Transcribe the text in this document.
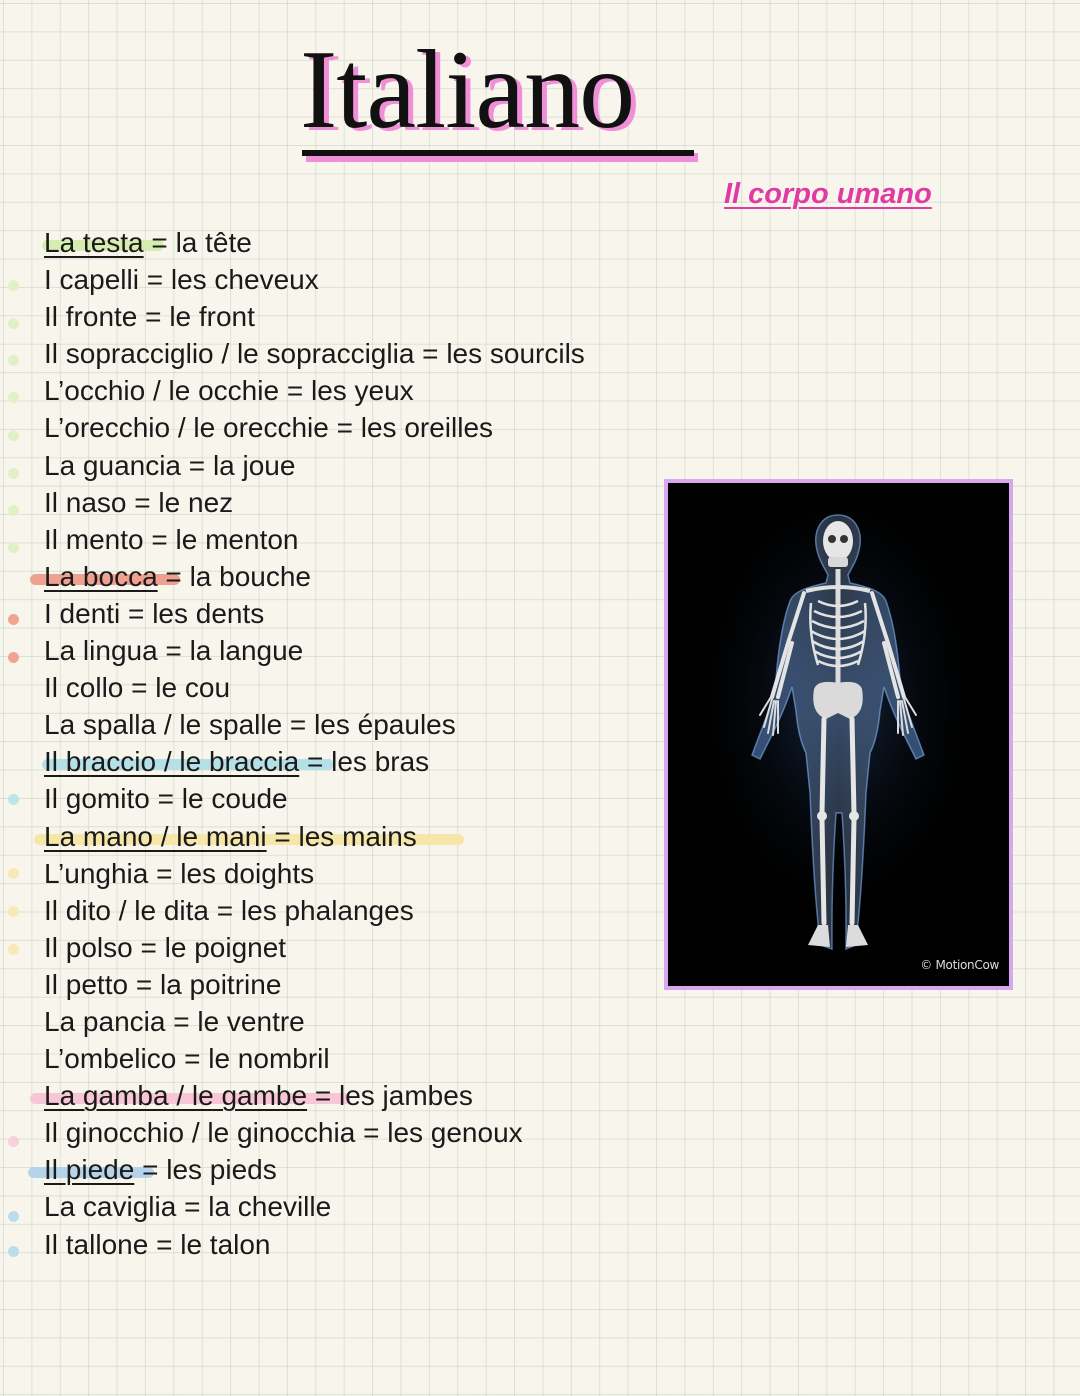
Italiano
Il corpo umano
La testa = la tête
I capelli = les cheveux
Il fronte = le front
Il sopracciglio / le sopracciglia = les sourcils
L’occhio / le occhie = les yeux
L’orecchio / le orecchie = les oreilles
La guancia = la joue
Il naso = le nez
Il mento = le menton
La bocca = la bouche
I denti = les dents
La lingua = la langue
Il collo = le cou
La spalla / le spalle = les épaules
Il braccio / le braccia = les bras
Il gomito = le coude
La mano / le mani = les mains
L’unghia = les doights
Il dito / le dita = les phalanges
Il polso = le poignet
Il petto = la poitrine
La pancia = le ventre
L’ombelico = le nombril
La gamba / le gambe = les jambes
Il ginocchio / le ginocchia = les genoux
Il piede = les pieds
La caviglia = la cheville
Il tallone = le talon
© MotionCow
